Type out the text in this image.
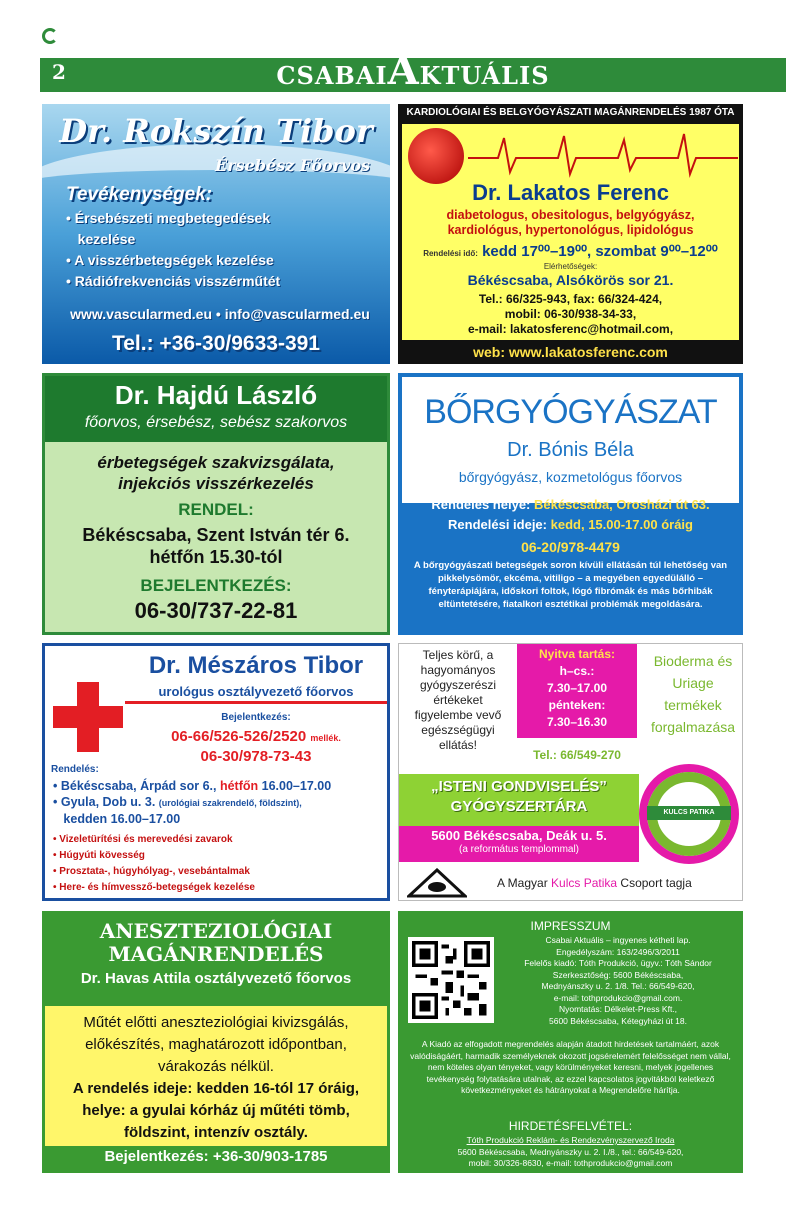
2	CSABAIAKTUÁLIS
Dr. Rokszín Tibor
Érsebész Főorvos
Tevékenységek:
• Érsebészeti megbetegedések
kezelése
• A visszérbetegségek kezelése
• Rádiófrekvenciás visszérműtét
www.vascularmed.eu • info@vascularmed.eu
Tel.: +36-30/9633-391
KARDIOLÓGIAI ÉS BELGYÓGYÁSZATI MAGÁNRENDELÉS 1987 ÓTA
Dr. Lakatos Ferenc
diabetologus, obesitologus, belgyógyász,
kardiológus, hypertonológus, lipidológus
Rendelési idő: kedd 17⁰⁰–19⁰⁰, szombat 9⁰⁰–12⁰⁰
Elérhetőségek:
Békéscsaba, Alsókörös sor 21.
Tel.: 66/325-943, fax: 66/324-424,
mobil: 06-30/938-34-33,
e-mail: lakatosferenc@hotmail.com,
web: www.lakatosferenc.com
Dr. Hajdú László
főorvos, érsebész, sebész szakorvos
érbetegségek szakvizsgálata,
injekciós visszérkezelés
RENDEL:
Békéscsaba, Szent István tér 6.
hétfőn 15.30-tól
BEJELENTKEZÉS:
06-30/737-22-81
BŐRGYÓGYÁSZAT
Dr. Bónis Béla
bőrgyógyász, kozmetológus főorvos
Rendelés helye: Békéscsaba, Orosházi út 63.
Rendelési ideje: kedd, 15.00-17.00 óráig
06-20/978-4479
A bőrgyógyászati betegségek soron kívüli ellátásán túl lehetőség van pikkelysömör, ekcéma, vitiligo – a megyében egyedülálló – fényterápiájára, időskori foltok, lógó fibrómák és más bőrhibák eltüntetésére, fiatalkori esztétikai problémák megoldására.
Dr. Mészáros Tibor
urológus osztályvezető főorvos
Bejelentkezés:
06-66/526-526/2520 mellék.
06-30/978-73-43
Rendelés:
• Békéscsaba, Árpád sor 6., hétfőn 16.00–17.00
• Gyula, Dob u. 3. (urológiai szakrendelő, földszint),
kedden 16.00–17.00
• Vizeletürítési és merevedési zavarok
• Húgyúti kövesség
• Prosztata-, húgyhólyag-, vesebántalmak
• Here- és hímvessző-betegségek kezelése
Teljes körű, a hagyományos gyógyszerészi értékeket figyelembe vevő egészségügyi ellátás!
Nyitva tartás:
h–cs.:
7.30–17.00
pénteken:
7.30–16.30
Bioderma és Uriage termékek forgalmazása
Tel.: 66/549-270
„ISTENI GONDVISELÉS”
GYÓGYSZERTÁRA
5600 Békéscsaba, Deák u. 5.
(a református templommal)
KULCS PATIKA
A Magyar Kulcs Patika Csoport tagja
ANESZTEZIOLÓGIAI
MAGÁNRENDELÉS
Dr. Havas Attila osztályvezető főorvos
Műtét előtti aneszteziológiai kivizsgálás,
előkészítés, maghatározott időpontban,
várakozás nélkül.
A rendelés ideje: kedden 16-tól 17 óráig,
helye: a gyulai kórház új műtéti tömb,
földszint, intenzív osztály.
Bejelentkezés: +36-30/903-1785
IMPRESSZUM
Csabai Aktuális – ingyenes kétheti lap.
Engedélyszám: 163/2496/3/2011
Felelős kiadó: Tóth Produkció, ügyv.: Tóth Sándor
Szerkesztőség: 5600 Békéscsaba,
Mednyánszky u. 2. 1/8. Tel.: 66/549-620,
e-mail: tothprodukcio@gmail.com.
Nyomtatás: Délkelet-Press Kft.,
5600 Békéscsaba, Kétegyházi út 18.
A Kiadó az elfogadott megrendelés alapján átadott hirdetések tartalmáért, azok valódiságáért, harmadik személyeknek okozott jogsérelemért felelősséget nem vállal, nem köteles olyan tényeket, vagy körülményeket keresni, melyek jogellenes tevékenység folytatására utalnak, az ezzel kapcsolatos jogvitákból keletkező következményeket és hátrányokat a Megrendelőre hárítja.
HIRDETÉSFELVÉTEL:
Tóth Produkció Reklám- és Rendezvényszervező Iroda
5600 Békéscsaba, Mednyánszky u. 2. I./8., tel.: 66/549-620,
mobil: 30/326-8630, e-mail: tothprodukcio@gmail.com
